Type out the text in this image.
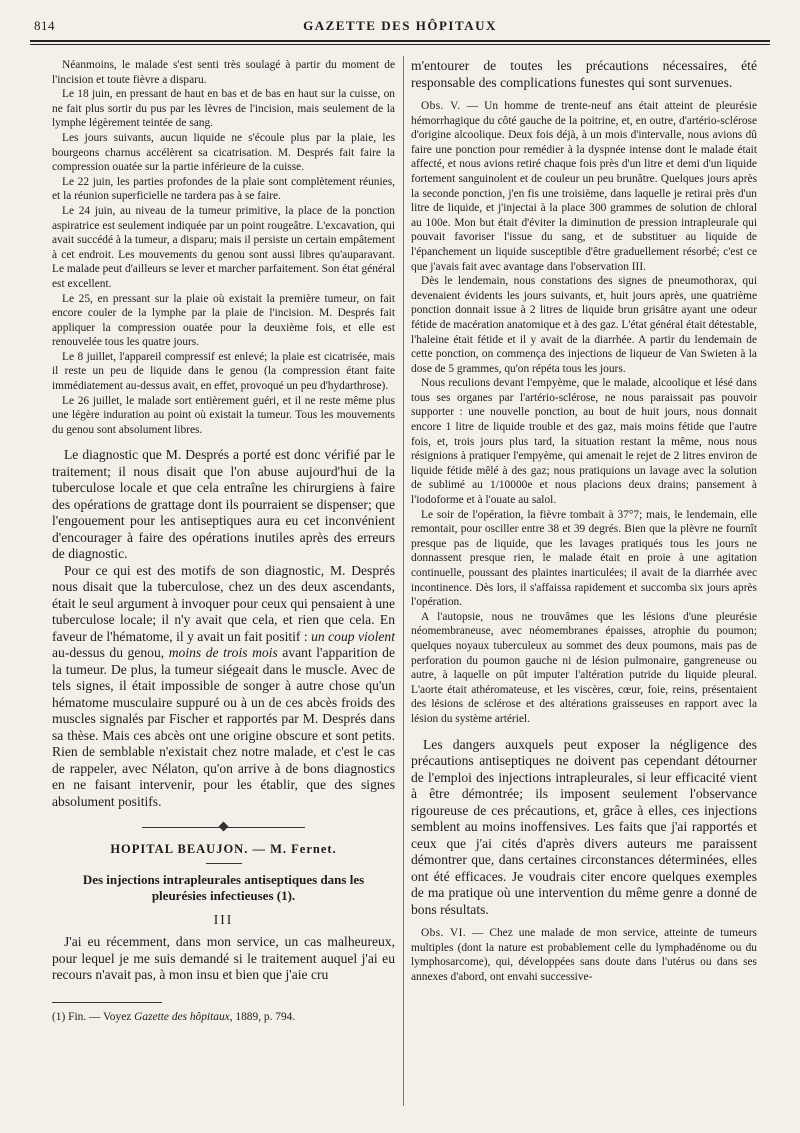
814	GAZETTE DES HÔPITAUX

Néanmoins, le malade s'est senti très soulagé à partir du moment de l'incision et toute fièvre a disparu.

Le 18 juin, en pressant de haut en bas et de bas en haut sur la cuisse, on ne fait plus sortir du pus par les lèvres de l'incision, mais seulement de la lymphe légèrement teintée de sang.

Les jours suivants, aucun liquide ne s'écoule plus par la plaie, les bourgeons charnus accélèrent sa cicatrisation. M. Després fait faire la compression ouatée sur la partie inférieure de la cuisse.

Le 22 juin, les parties profondes de la plaie sont complètement réunies, et la réunion superficielle ne tardera pas à se faire.

Le 24 juin, au niveau de la tumeur primitive, la place de la ponction aspiratrice est seulement indiquée par un point rougeâtre. L'excavation, qui avait succédé à la tumeur, a disparu; mais il persiste un certain empâtement à cet endroit. Les mouvements du genou sont aussi libres qu'auparavant. Le malade peut d'ailleurs se lever et marcher parfaitement. Son état général est excellent.

Le 25, en pressant sur la plaie où existait la première tumeur, on fait encore couler de la lymphe par la plaie de l'incision. M. Després fait appliquer la compression ouatée pour la deuxième fois, et elle est renouvelée tous les quatre jours.

Le 8 juillet, l'appareil compressif est enlevé; la plaie est cicatrisée, mais il reste un peu de liquide dans le genou (la compression étant faite immédiatement au-dessus avait, en effet, provoqué un peu d'hydarthrose).

Le 26 juillet, le malade sort entièrement guéri, et il ne reste même plus une légère induration au point où existait la tumeur. Tous les mouvements du genou sont absolument libres.

Le diagnostic que M. Després a porté est donc vérifié par le traitement; il nous disait que l'on abuse aujourd'hui de la tuberculose locale et que cela entraîne les chirurgiens à faire des opérations de grattage dont ils pourraient se dispenser; que l'engouement pour les antiseptiques aura eu cet inconvénient d'encourager à faire des opérations inutiles après des erreurs de diagnostic.

Pour ce qui est des motifs de son diagnostic, M. Després nous disait que la tuberculose, chez un des deux ascendants, était le seul argument à invoquer pour ceux qui pensaient à une tuberculose locale; il n'y avait que cela, et rien que cela. En faveur de l'hématome, il y avait un fait positif : un coup violent au-dessus du genou, moins de trois mois avant l'apparition de la tumeur. De plus, la tumeur siégeait dans le muscle. Avec de tels signes, il était impossible de songer à autre chose qu'un hématome musculaire suppuré ou à un de ces abcès froids des muscles signalés par Fischer et rapportés par M. Després dans sa thèse. Mais ces abcès ont une origine obscure et sont petits. Rien de semblable n'existait chez notre malade, et c'est le cas de rappeler, avec Nélaton, qu'on arrive à de bons diagnostics en ne faisant intervenir, pour les établir, que des signes absolument positifs.

HOPITAL BEAUJON. — M. Fernet.
Des injections intrapleurales antiseptiques dans les pleurésies infectieuses (1).
III

J'ai eu récemment, dans mon service, un cas malheureux, pour lequel je me suis demandé si le traitement auquel j'ai eu recours n'avait pas, à mon insu et bien que j'aie cru

(1) Fin. — Voyez Gazette des hôpitaux, 1889, p. 794.

m'entourer de toutes les précautions nécessaires, été responsable des complications funestes qui sont survenues.

Obs. V. — Un homme de trente-neuf ans était atteint de pleurésie hémorrhagique du côté gauche de la poitrine, et, en outre, d'artério-sclérose d'origine alcoolique. Deux fois déjà, à un mois d'intervalle, nous avions dû faire une ponction pour remédier à la dyspnée intense dont le malade était affecté, et nous avions retiré chaque fois près d'un litre et demi d'un liquide fortement sanguinolent et de couleur un peu brunâtre. Quelques jours après la seconde ponction, j'en fis une troisième, dans laquelle je retirai près d'un litre de liquide, et j'injectai à la place 300 grammes de solution de chloral au 100e. Mon but était d'éviter la diminution de pression intrapleurale qui pouvait favoriser l'issue du sang, et de substituer au liquide de l'épanchement un liquide susceptible d'être graduellement résorbé; c'est ce que j'avais fait avec avantage dans l'observation III.

Dès le lendemain, nous constations des signes de pneumothorax, qui devenaient évidents les jours suivants, et, huit jours après, une quatrième ponction donnait issue à 2 litres de liquide brun grisâtre ayant une odeur fétide de macération anatomique et à des gaz. L'état général était détestable, l'haleine était fétide et il y avait de la diarrhée. A partir du lendemain de cette ponction, on commença des injections de liqueur de Van Swieten à la dose de 5 grammes, qu'on répéta tous les jours.

Nous reculions devant l'empyème, que le malade, alcoolique et lésé dans tous ses organes par l'artério-sclérose, ne nous paraissait pas pouvoir supporter : une nouvelle ponction, au bout de huit jours, nous donnait encore 1 litre de liquide trouble et des gaz, mais moins fétide que l'autre fois, et, trois jours plus tard, la situation restant la même, nous nous résignions à pratiquer l'empyème, qui amenait le rejet de 2 litres environ de liquide fétide mêlé à des gaz; nous pratiquions un lavage avec la solution de sublimé au 1/10000e et nous placions deux drains; pansement à l'iodoforme et à l'ouate au salol.

Le soir de l'opération, la fièvre tombait à 37°7; mais, le lendemain, elle remontait, pour osciller entre 38 et 39 degrés. Bien que la plèvre ne fournît presque pas de liquide, que les lavages pratiqués tous les jours ne donnassent presque rien, le malade était en proie à une agitation continuelle, poussant des plaintes inarticulées; il avait de la diarrhée avec incontinence. Dès lors, il s'affaissa rapidement et succomba six jours après l'opération.

A l'autopsie, nous ne trouvâmes que les lésions d'une pleurésie néomembraneuse, avec néomembranes épaisses, atrophie du poumon; quelques noyaux tuberculeux au sommet des deux poumons, mais pas de perforation du poumon gauche ni de lésion pulmonaire, gangreneuse ou autre, à laquelle on pût imputer l'altération putride du liquide pleural. L'aorte était athéromateuse, et les viscères, cœur, foie, reins, présentaient des lésions de sclérose et des altérations graisseuses en rapport avec la lésion du système artériel.

Les dangers auxquels peut exposer la négligence des précautions antiseptiques ne doivent pas cependant détourner de l'emploi des injections intrapleurales, si leur efficacité vient à être démontrée; ils imposent seulement l'observance rigoureuse de ces précautions, et, grâce à elles, ces injections semblent au moins inoffensives. Les faits que j'ai rapportés et ceux que j'ai cités d'après divers auteurs me paraissent démontrer que, dans certaines circonstances déterminées, elles ont été efficaces. Je voudrais citer encore quelques exemples de ma pratique où une intervention du même genre a donné de bons résultats.

Obs. VI. — Chez une malade de mon service, atteinte de tumeurs multiples (dont la nature est probablement celle du lymphadénome ou du lymphosarcome), qui, développées sans doute dans l'utérus ou dans ses annexes d'abord, ont envahi successive-
